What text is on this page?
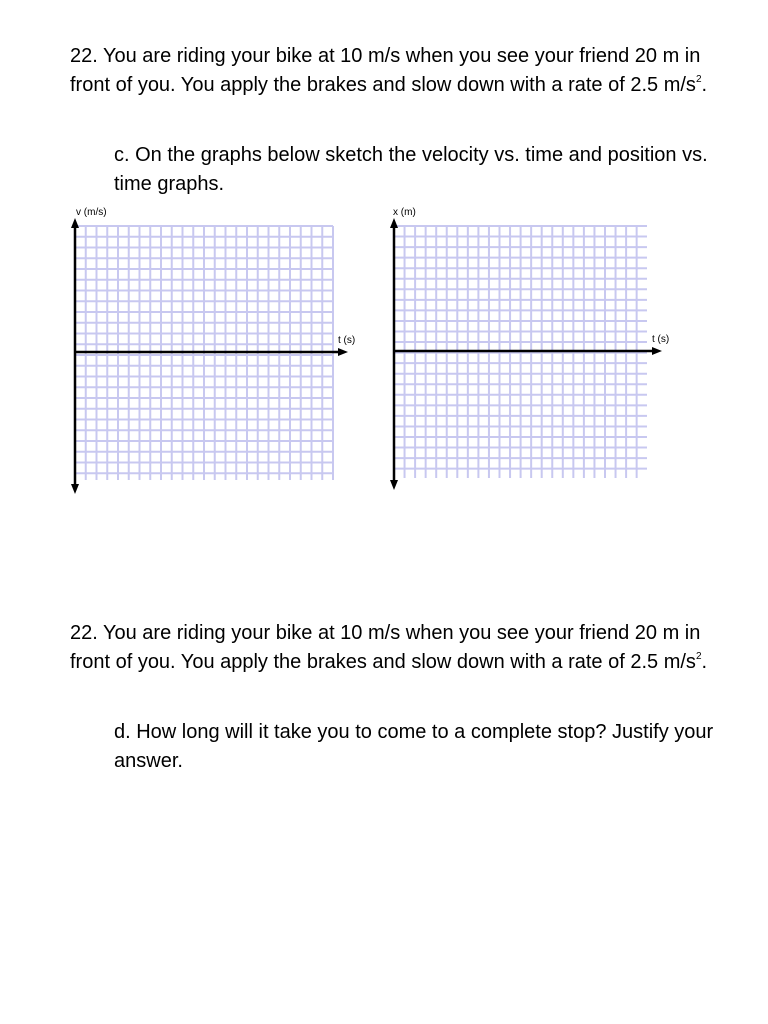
22. You are riding your bike at 10 m/s when you see your friend 20 m in front of you. You apply the brakes and slow down with a rate of 2.5 $m/s^2$.
c. On the graphs below sketch the velocity vs. time and position vs. time graphs.
v (m/s)
t (s)
x (m)
t (s)
22. You are riding your bike at 10 m/s when you see your friend 20 m in front of you. You apply the brakes and slow down with a rate of 2.5 $m/s^2$.
d. How long will it take you to come to a complete stop? Justify your answer.
